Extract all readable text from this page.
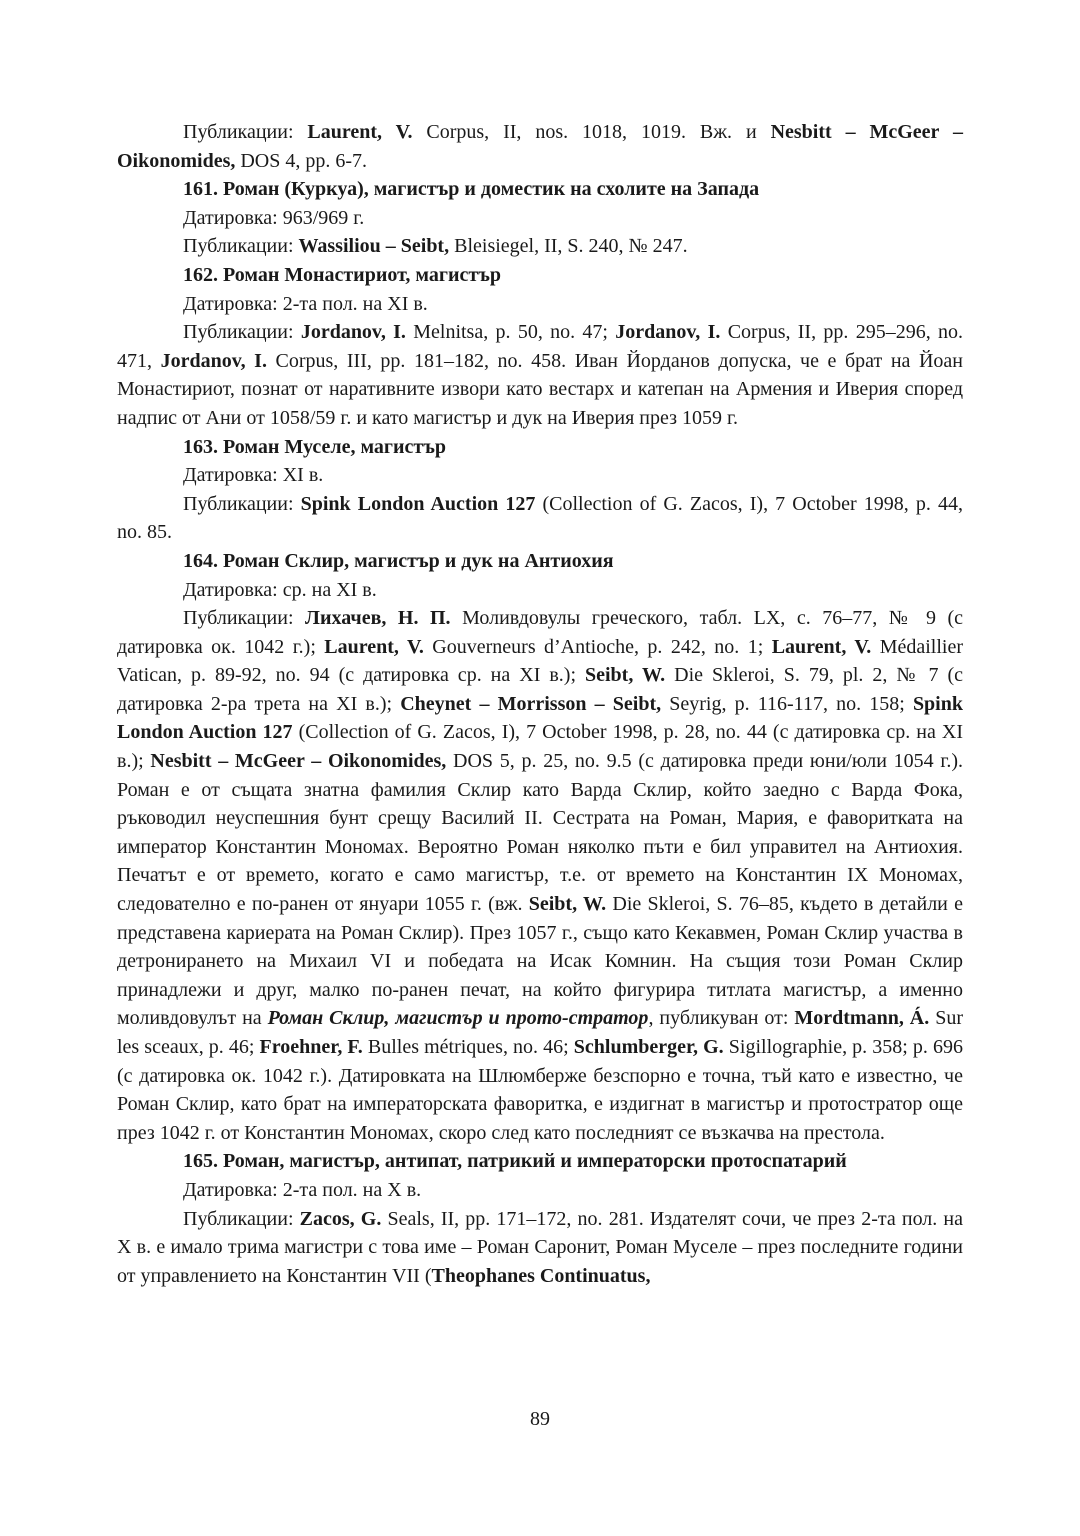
Публикации: Laurent, V. Corpus, II, nos. 1018, 1019. Вж. и Nesbitt – McGeer – Oikonomides, DOS 4, pp. 6-7.

161. Роман (Куркуа), магистър и доместик на схолите на Запада

Датировка: 963/969 г.

Публикации: Wassiliou – Seibt, Bleisiegel, II, S. 240, № 247.

162. Роман Монастириот, магистър

Датировка: 2-та пол. на XI в.

Публикации: Jordanov, I. Melnitsa, p. 50, no. 47; Jordanov, I. Corpus, II, pp. 295–296, no. 471, Jordanov, I. Corpus, III, pp. 181–182, no. 458. Иван Йорданов допуска, че е брат на Йоан Монастириот, познат от наративните извори като вестарх и катепан на Армения и Иверия според надпис от Ани от 1058/59 г. и като магистър и дук на Иверия през 1059 г.

163. Роман Муселе, магистър

Датировка: XI в.

Публикации: Spink London Auction 127 (Collection of G. Zacos, I), 7 October 1998, p. 44, no. 85.

164. Роман Склир, магистър и дук на Антиохия

Датировка: ср. на XI в.

Публикации: Лихачев, Н. П. Моливдовулы греческого, табл. LX, с. 76–77, № 9 (с датировка ок. 1042 г.); Laurent, V. Gouverneurs d’Antioche, p. 242, no. 1; Laurent, V. Médaillier Vatican, p. 89-92, no. 94 (с датировка ср. на XI в.); Seibt, W. Die Skleroi, S. 79, pl. 2, № 7 (с датировка 2-ра трета на XI в.); Cheynet – Morrisson – Seibt, Seyrig, p. 116-117, no. 158; Spink London Auction 127 (Collection of G. Zacos, I), 7 October 1998, p. 28, no. 44 (с датировка ср. на XI в.); Nesbitt – McGeer – Oikonomides, DOS 5, p. 25, no. 9.5 (с датировка преди юни/юли 1054 г.). Роман е от същата знатна фамилия Склир като Варда Склир, който заедно с Варда Фока, ръководил неуспешния бунт срещу Василий II. Сестрата на Роман, Мария, е фаворитката на император Константин Мономах. Вероятно Роман няколко пъти е бил управител на Антиохия. Печатът е от времето, когато е само магистър, т.е. от времето на Константин IX Мономах, следователно е по-ранен от януари 1055 г. (вж. Seibt, W. Die Skleroi, S. 76–85, където в детайли е представена кариерата на Роман Склир). През 1057 г., също като Кекавмен, Роман Склир участва в детронирането на Михаил VI и победата на Исак Комнин. На същия този Роман Склир принадлежи и друг, малко по-ранен печат, на който фигурира титлата магистър, а именно моливдовулът на Роман Склир, магистър и прото-стратор, публикуван от: Mordtmann, Á. Sur les sceaux, p. 46; Froehner, F. Bulles métriques, no. 46; Schlumberger, G. Sigillographie, p. 358; p. 696 (с датировка ок. 1042 г.). Датировката на Шлюмберже безспорно е точна, тъй като е известно, че Роман Склир, като брат на императорската фаворитка, е издигнат в магистър и протостратор още през 1042 г. от Константин Мономах, скоро след като последният се възкачва на престола.

165. Роман, магистър, антипат, патрикий и императорски протоспатарий

Датировка: 2-та пол. на X в.

Публикации: Zacos, G. Seals, II, pp. 171–172, no. 281. Издателят сочи, че през 2-та пол. на X в. е имало трима магистри с това име – Роман Саронит, Роман Муселе – през последните години от управлението на Константин VII (Theophanes Continuatus,

89
